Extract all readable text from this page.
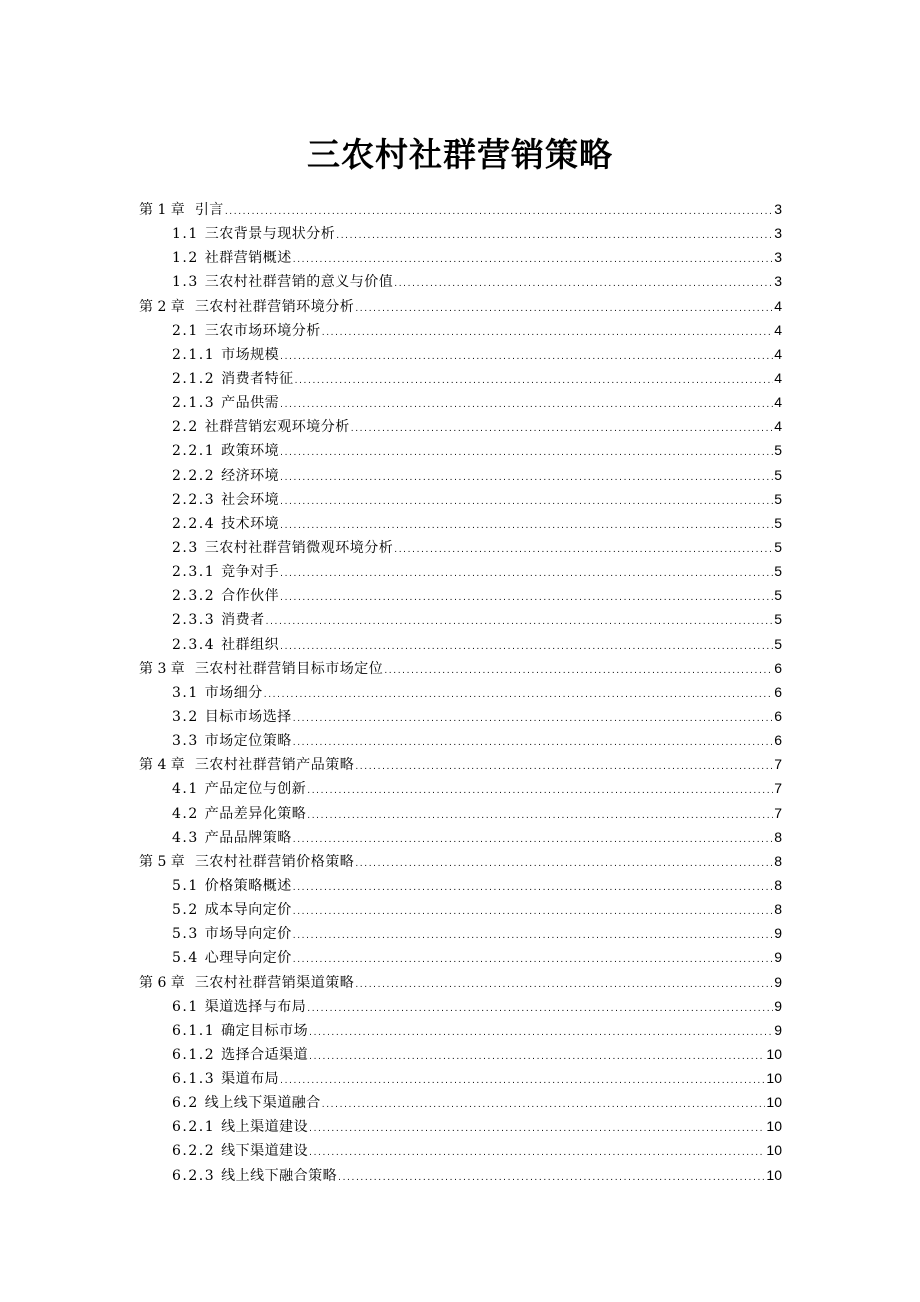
三农村社群营销策略
第 1 章 引言 .....	3
1.1 三农背景与现状分析 .....	3
1.2 社群营销概述 .....	3
1.3 三农村社群营销的意义与价值 .....	3
第 2 章 三农村社群营销环境分析 .....	4
2.1 三农市场环境分析 .....	4
2.1.1 市场规模 .....	4
2.1.2 消费者特征 .....	4
2.1.3 产品供需 .....	4
2.2 社群营销宏观环境分析 .....	4
2.2.1 政策环境 .....	5
2.2.2 经济环境 .....	5
2.2.3 社会环境 .....	5
2.2.4 技术环境 .....	5
2.3 三农村社群营销微观环境分析 .....	5
2.3.1 竞争对手 .....	5
2.3.2 合作伙伴 .....	5
2.3.3 消费者 .....	5
2.3.4 社群组织 .....	5
第 3 章 三农村社群营销目标市场定位 .....	6
3.1 市场细分 .....	6
3.2 目标市场选择 .....	6
3.3 市场定位策略 .....	6
第 4 章 三农村社群营销产品策略 .....	7
4.1 产品定位与创新 .....	7
4.2 产品差异化策略 .....	7
4.3 产品品牌策略 .....	8
第 5 章 三农村社群营销价格策略 .....	8
5.1 价格策略概述 .....	8
5.2 成本导向定价 .....	8
5.3 市场导向定价 .....	9
5.4 心理导向定价 .....	9
第 6 章 三农村社群营销渠道策略 .....	9
6.1 渠道选择与布局 .....	9
6.1.1 确定目标市场 .....	9
6.1.2 选择合适渠道 .....	10
6.1.3 渠道布局 .....	10
6.2 线上线下渠道融合 .....	10
6.2.1 线上渠道建设 .....	10
6.2.2 线下渠道建设 .....	10
6.2.3 线上线下融合策略 .....	10
